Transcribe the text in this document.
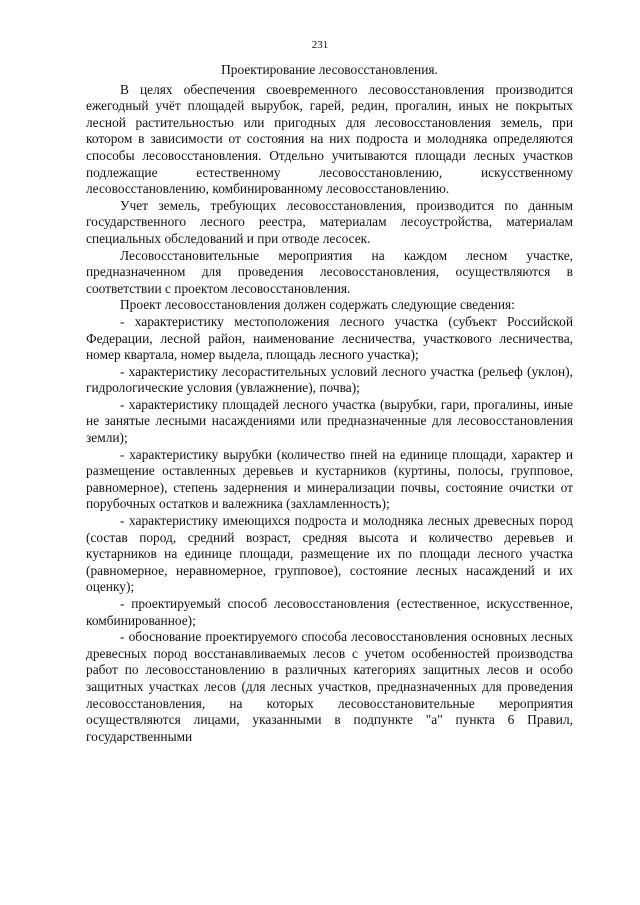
231
Проектирование лесовосстановления.

В целях обеспечения своевременного лесовосстановления производится ежегодный учёт площадей вырубок, гарей, редин, прогалин, иных не покрытых лесной растительностью или пригодных для лесовосстановления земель, при котором в зависимости от состояния на них подроста и молодняка определяются способы лесовосстановления. Отдельно учитываются площади лесных участков подлежащие естественному лесовосстановлению, искусственному лесовосстановлению, комбинированному лесовосстановлению.

Учет земель, требующих лесовосстановления, производится по данным государственного лесного реестра, материалам лесоустройства, материалам специальных обследований и при отводе лесосек.

Лесовосстановительные мероприятия на каждом лесном участке, предназначенном для проведения лесовосстановления, осуществляются в соответствии с проектом лесовосстановления.

Проект лесовосстановления должен содержать следующие сведения:

- характеристику местоположения лесного участка (субъект Российской Федерации, лесной район, наименование лесничества, участкового лесничества, номер квартала, номер выдела, площадь лесного участка);

- характеристику лесорастительных условий лесного участка (рельеф (уклон), гидрологические условия (увлажнение), почва);

- характеристику площадей лесного участка (вырубки, гари, прогалины, иные не занятые лесными насаждениями или предназначенные для лесовосстановления земли);

- характеристику вырубки (количество пней на единице площади, характер и размещение оставленных деревьев и кустарников (куртины, полосы, групповое, равномерное), степень задернения и минерализации почвы, состояние очистки от порубочных остатков и валежника (захламленность);

- характеристику имеющихся подроста и молодняка лесных древесных пород (состав пород, средний возраст, средняя высота и количество деревьев и кустарников на единице площади, размещение их по площади лесного участка (равномерное, неравномерное, групповое), состояние лесных насаждений и их оценку);

- проектируемый способ лесовосстановления (естественное, искусственное, комбинированное);

- обоснование проектируемого способа лесовосстановления основных лесных древесных пород восстанавливаемых лесов с учетом особенностей производства работ по лесовосстановлению в различных категориях защитных лесов и особо защитных участках лесов (для лесных участков, предназначенных для проведения лесовосстановления, на которых лесовосстановительные мероприятия осуществляются лицами, указанными в подпункте "а" пункта 6 Правил, государственными
